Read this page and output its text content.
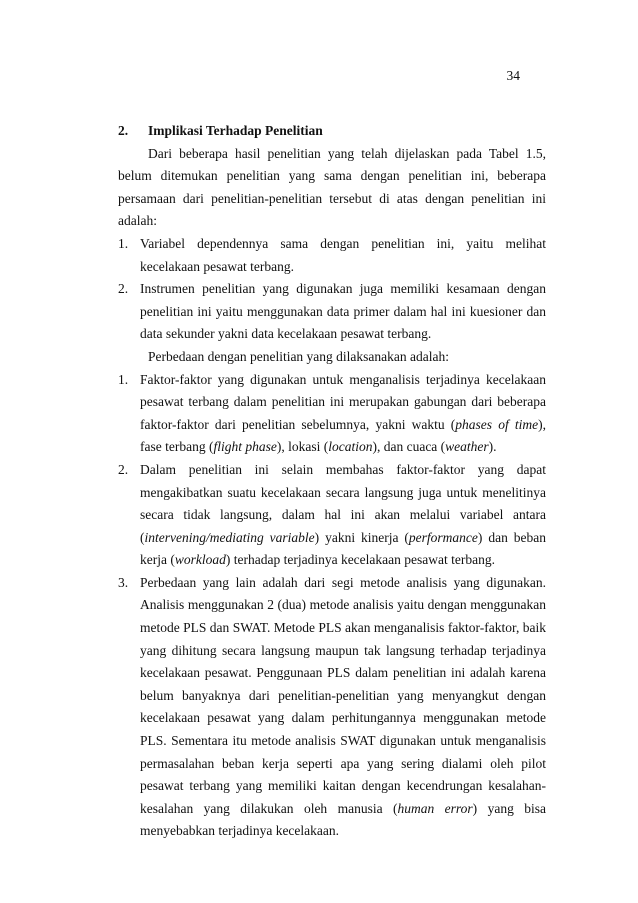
34
2. Implikasi Terhadap Penelitian
Dari beberapa hasil penelitian yang telah dijelaskan pada Tabel 1.5, belum ditemukan penelitian yang sama dengan penelitian ini, beberapa persamaan dari penelitian-penelitian tersebut di atas dengan penelitian ini adalah:
1. Variabel dependennya sama dengan penelitian ini, yaitu melihat kecelakaan pesawat terbang.
2. Instrumen penelitian yang digunakan juga memiliki kesamaan dengan penelitian ini yaitu menggunakan data primer dalam hal ini kuesioner dan data sekunder yakni data kecelakaan pesawat terbang.
Perbedaan dengan penelitian yang dilaksanakan adalah:
1. Faktor-faktor yang digunakan untuk menganalisis terjadinya kecelakaan pesawat terbang dalam penelitian ini merupakan gabungan dari beberapa faktor-faktor dari penelitian sebelumnya, yakni waktu (phases of time), fase terbang (flight phase), lokasi (location), dan cuaca (weather).
2. Dalam penelitian ini selain membahas faktor-faktor yang dapat mengakibatkan suatu kecelakaan secara langsung juga untuk menelitinya secara tidak langsung, dalam hal ini akan melalui variabel antara (intervening/mediating variable) yakni kinerja (performance) dan beban kerja (workload) terhadap terjadinya kecelakaan pesawat terbang.
3. Perbedaan yang lain adalah dari segi metode analisis yang digunakan. Analisis menggunakan 2 (dua) metode analisis yaitu dengan menggunakan metode PLS dan SWAT. Metode PLS akan menganalisis faktor-faktor, baik yang dihitung secara langsung maupun tak langsung terhadap terjadinya kecelakaan pesawat. Penggunaan PLS dalam penelitian ini adalah karena belum banyaknya dari penelitian-penelitian yang menyangkut dengan kecelakaan pesawat yang dalam perhitungannya menggunakan metode PLS. Sementara itu metode analisis SWAT digunakan untuk menganalisis permasalahan beban kerja seperti apa yang sering dialami oleh pilot pesawat terbang yang memiliki kaitan dengan kecendrungan kesalahan-kesalahan yang dilakukan oleh manusia (human error) yang bisa menyebabkan terjadinya kecelakaan.
